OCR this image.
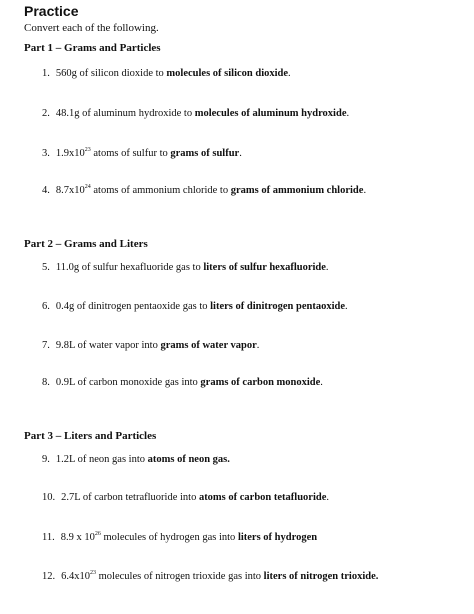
Practice
Convert each of the following.
Part 1 – Grams and Particles
1. 560g of silicon dioxide to molecules of silicon dioxide.
2. 48.1g of aluminum hydroxide to molecules of aluminum hydroxide.
3. $1.9x10^{23}$ atoms of sulfur to grams of sulfur.
4. $8.7x10^{24}$ atoms of ammonium chloride to grams of ammonium chloride.
Part 2 – Grams and Liters
5. 11.0g of sulfur hexafluoride gas to liters of sulfur hexafluoride.
6. 0.4g of dinitrogen pentaoxide gas to liters of dinitrogen pentaoxide.
7. 9.8L of water vapor into grams of water vapor.
8. 0.9L of carbon monoxide gas into grams of carbon monoxide.
Part 3 – Liters and Particles
9. 1.2L of neon gas into atoms of neon gas.
10. 2.7L of carbon tetrafluoride into atoms of carbon tetafluoride.
11. 8.9 x $10^{26}$ molecules of hydrogen gas into liters of hydrogen
12. $6.4x10^{23}$ molecules of nitrogen trioxide gas into liters of nitrogen trioxide.
